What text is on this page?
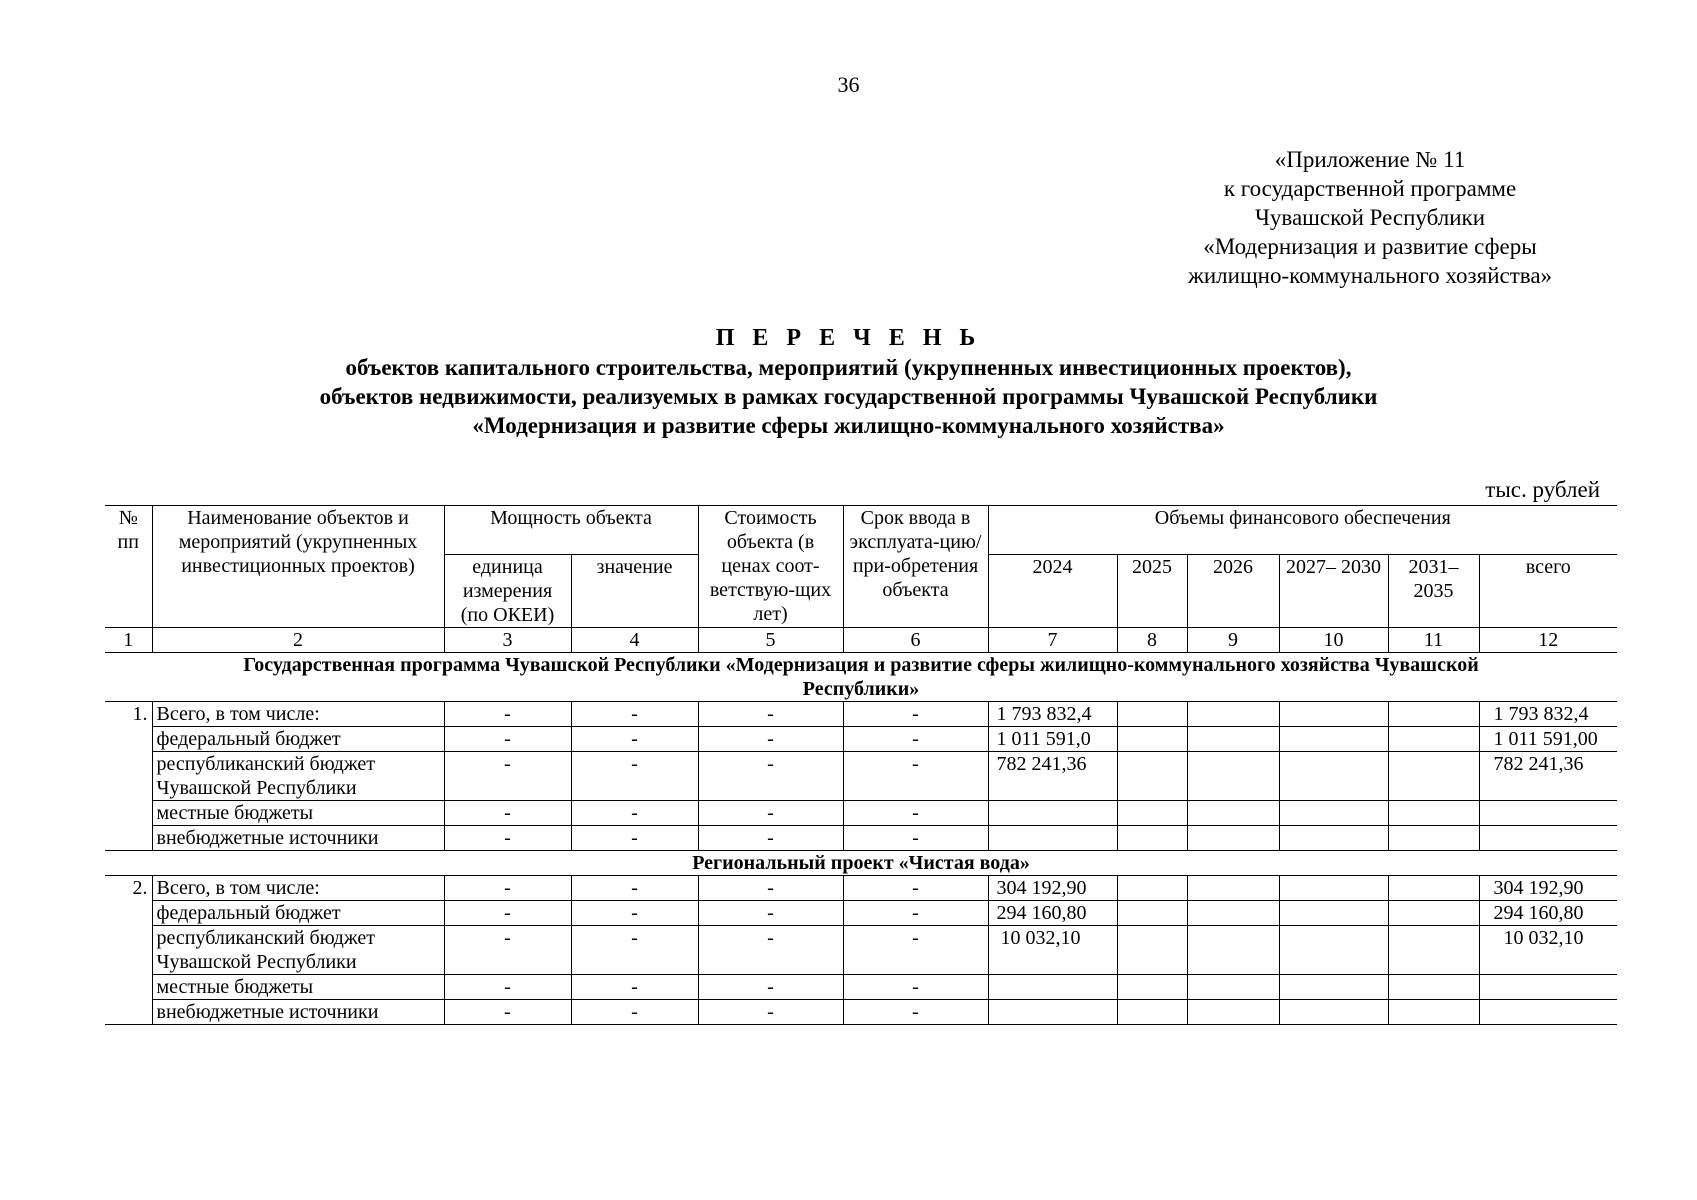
36
«Приложение № 11
к государственной программе
Чувашской Республики
«Модернизация и развитие сферы
жилищно-коммунального хозяйства»
П Е Р Е Ч Е Н Ь
объектов капитального строительства, мероприятий (укрупненных инвестиционных проектов),
объектов недвижимости, реализуемых в рамках государственной программы Чувашской Республики
«Модернизация и развитие сферы жилищно-коммунального хозяйства»
тыс. рублей
№ пп	Наименование объектов и мероприятий (укрупненных инвестиционных проектов)	Мощность объекта		Стоимость объекта (в ценах соот-ветствую-щих лет)	Срок ввода в эксплуата-цию/при-обретения объекта	Объемы финансового обеспечения					
		единица измерения (по ОКЕИ)	значение			2024	2025	2026	2027– 2030	2031– 2035	всего
1	2	3	4	5	6	7	8	9	10	11	12
Государственная программа Чувашской Республики «Модернизация и развитие сферы жилищно-коммунального хозяйства Чувашской Республики»											
1.	Всего, в том числе:	-	-	-	-	1 793 832,4					1 793 832,4
	федеральный бюджет	-	-	-	-	1 011 591,0					1 011 591,00
	республиканский бюджет Чувашской Республики	-	-	-	-	782 241,36					782 241,36
	местные бюджеты	-	-	-	-						
	внебюджетные источники	-	-	-	-						
Региональный проект «Чистая вода»											
2.	Всего, в том числе:	-	-	-	-	304 192,90					304 192,90
	федеральный бюджет	-	-	-	-	294 160,80					294 160,80
	республиканский бюджет Чувашской Республики	-	-	-	-	10 032,10					10 032,10
	местные бюджеты	-	-	-	-						
	внебюджетные источники	-	-	-	-						
